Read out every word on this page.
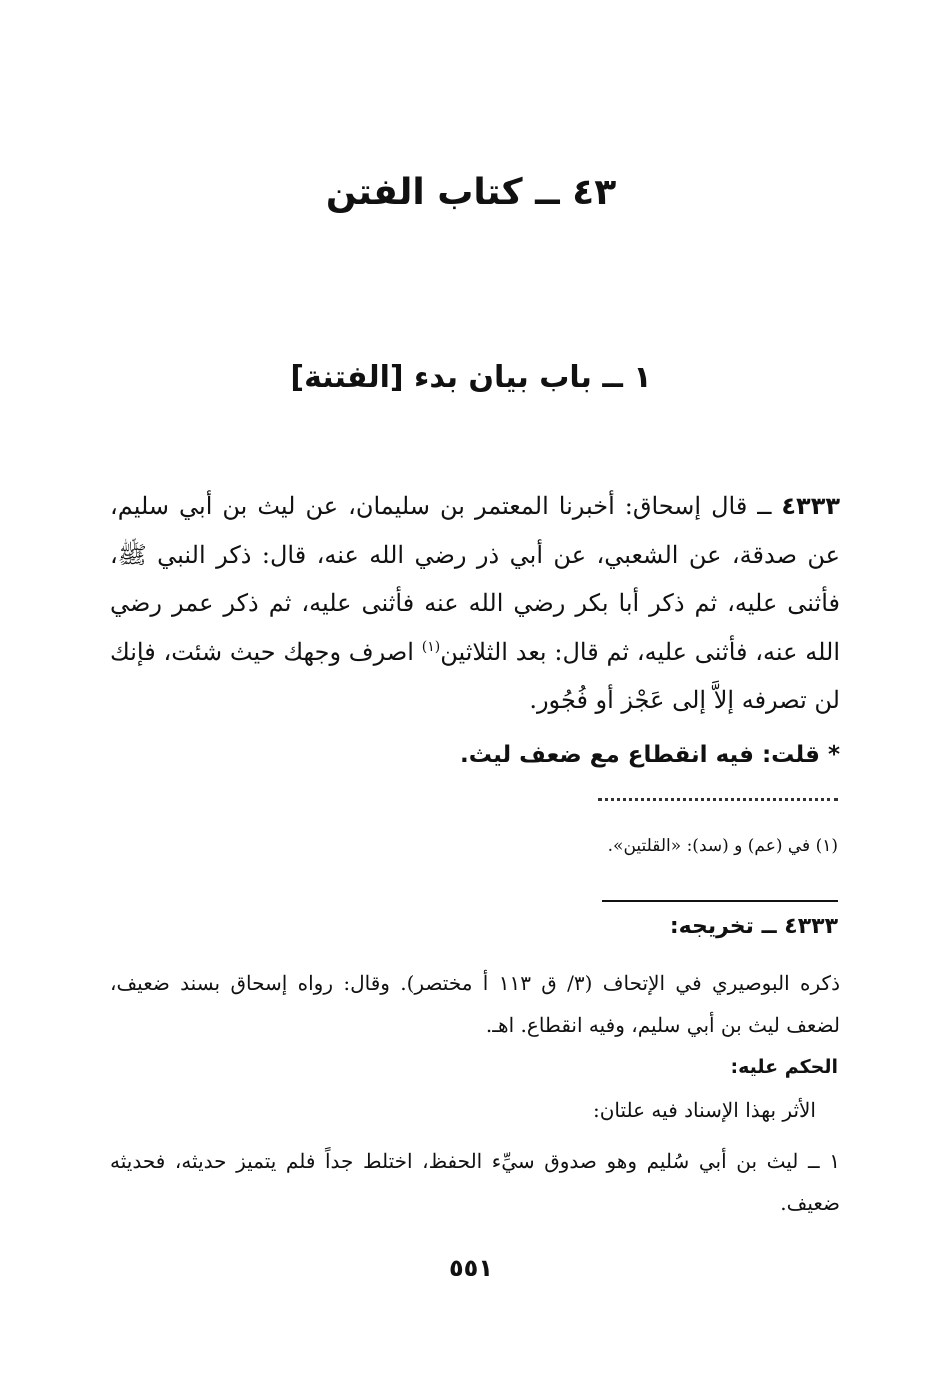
٤٣ ــ كتاب الفتن
١ ــ باب بيان بدء [الفتنة]

٤٣٣٣ ــ قال إسحاق: أخبرنا المعتمر بن سليمان، عن ليث بن أبي سليم، عن صدقة، عن الشعبي، عن أبي ذر رضي الله عنه، قال: ذكر النبي ﷺ، فأثنى عليه، ثم ذكر أبا بكر رضي الله عنه فأثنى عليه، ثم ذكر عمر رضي الله عنه، فأثنى عليه، ثم قال: بعد الثلاثين$^{(١)}$ اصرف وجهك حيث شئت، فإنك لن تصرفه إلاَّ إلى عَجْز أو فُجُور.

* قلت: فيه انقطاع مع ضعف ليث.

(١) في (عم) و (سد): «القلتين».

٤٣٣٣ ــ تخريجه:

ذكره البوصيري في الإتحاف (٣/ ق ١١٣ أ مختصر). وقال: رواه إسحاق بسند ضعيف، لضعف ليث بن أبي سليم، وفيه انقطاع. اهـ.

الحكم عليه:

الأثر بهذا الإسناد فيه علتان:

١ ــ ليث بن أبي سُليم وهو صدوق سيِّء الحفظ، اختلط جداً فلم يتميز حديثه، فحديثه ضعيف.

٥٥١
